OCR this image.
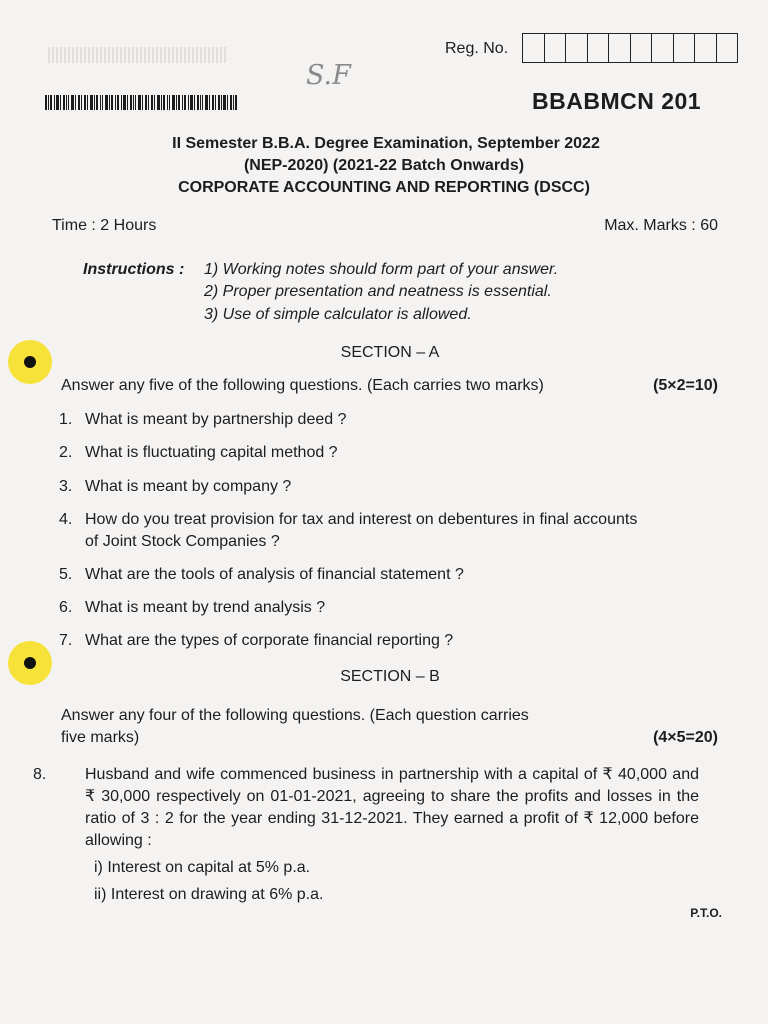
Reg. No.
S.F
BBABMCN 201
II Semester B.B.A. Degree Examination, September 2022
(NEP-2020) (2021-22 Batch Onwards)
CORPORATE ACCOUNTING AND REPORTING (DSCC)
Time : 2 Hours	Max. Marks : 60
Instructions : 1) Working notes should form part of your answer.
2) Proper presentation and neatness is essential.
3) Use of simple calculator is allowed.
SECTION – A
Answer any five of the following questions. (Each carries two marks)	(5×2=10)
1. What is meant by partnership deed ?
2. What is fluctuating capital method ?
3. What is meant by company ?
4. How do you treat provision for tax and interest on debentures in final accounts
of Joint Stock Companies ?
5. What are the tools of analysis of financial statement ?
6. What is meant by trend analysis ?
7. What are the types of corporate financial reporting ?
SECTION – B
Answer any four of the following questions. (Each question carries
five marks)	(4×5=20)
8. Husband and wife commenced business in partnership with a capital of ₹ 40,000 and ₹ 30,000 respectively on 01-01-2021, agreeing to share the profits and losses in the ratio of 3 : 2 for the year ending 31-12-2021. They earned a profit of ₹ 12,000 before allowing :
i) Interest on capital at 5% p.a.
ii) Interest on drawing at 6% p.a.
P.T.O.
